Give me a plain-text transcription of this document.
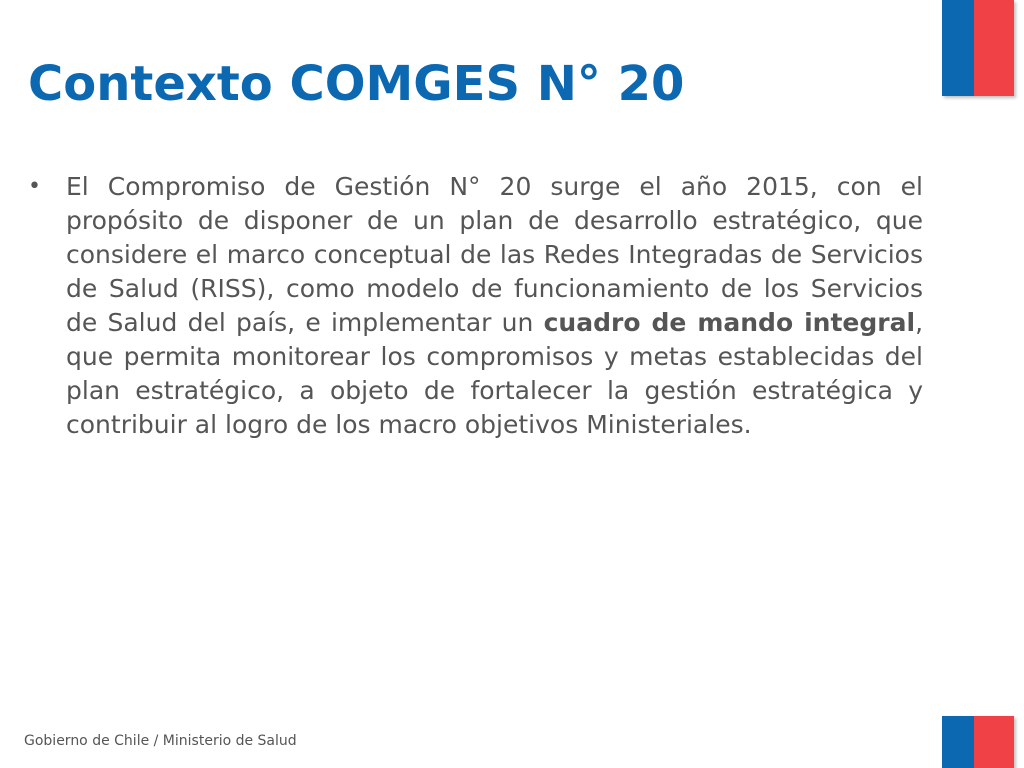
Contexto COMGES N° 20
• El Compromiso de Gestión N° 20 surge el año 2015, con el propósito de disponer de un plan de desarrollo estratégico, que considere el marco conceptual de las Redes Integradas de Servicios de Salud (RISS), como modelo de funcionamiento de los Servicios de Salud del país, e implementar un cuadro de mando integral, que permita monitorear los compromisos y metas establecidas del plan estratégico, a objeto de fortalecer la gestión estratégica y contribuir al logro de los macro objetivos Ministeriales.
Gobierno de Chile / Ministerio de Salud
